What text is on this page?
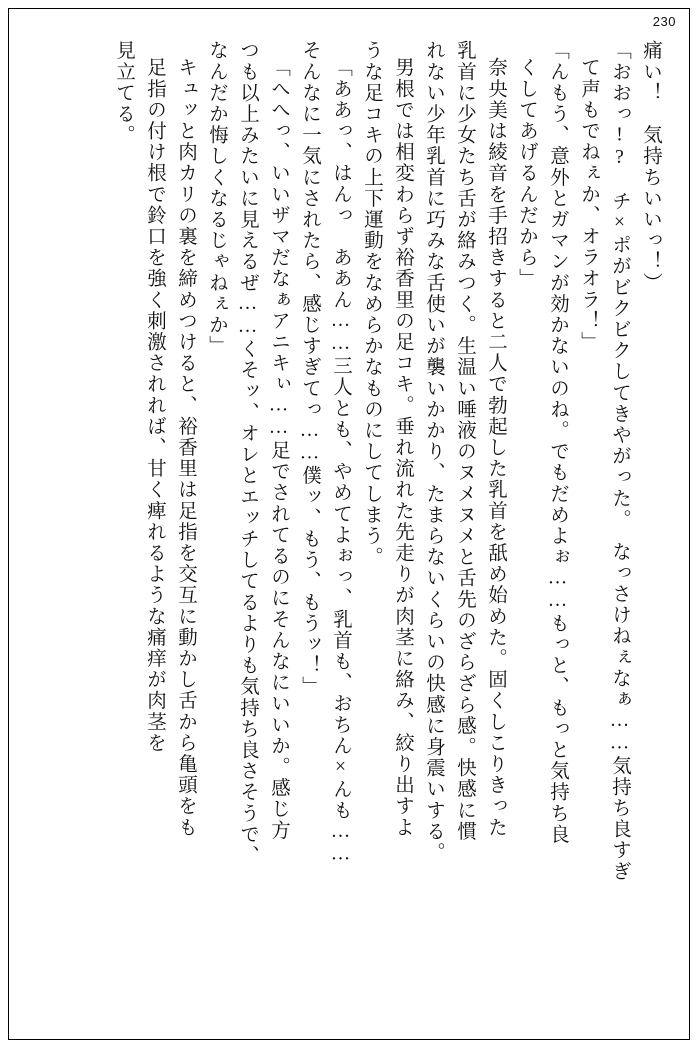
230
痛い！　気持ちいいっ！）
「おおっ!?　チ×ポがビクビクしてきやがった。　なっさけねぇなぁ……気持ち良すぎ
て声もでねぇか、オラオラ！」
「んもう、意外とガマンが効かないのね。でもだめよぉ……もっと、もっと気持ち良
くしてあげるんだから」
奈央美は綾音を手招きすると二人で勃起した乳首を舐め始めた。固くしこりきった
乳首に少女たち舌が絡みつく。生温い唾液のヌメヌメと舌先のざらざら感。快感に慣
れない少年乳首に巧みな舌使いが襲いかかり、たまらないくらいの快感に身震いする。
男根では相変わらず裕香里の足コキ。垂れ流れた先走りが肉茎に絡み、絞り出すよ
うな足コキの上下運動をなめらかなものにしてしまう。
「ああっ、はんっ　ああん……三人とも、やめてよぉっ、乳首も、おちん×んも……
そんなに一気にされたら、感じすぎてっ……僕ッ、もう、もうッ！」
「へへっ、いいザマだなぁアニキぃ……足でされてるのにそんなにいいか。感じ方
つも以上みたいに見えるぜ……くそッ、オレとエッチしてるよりも気持ち良さそうで、
なんだか悔しくなるじゃねぇか」
キュッと肉カリの裏を締めつけると、裕香里は足指を交互に動かし舌から亀頭をも
足指の付け根で鈴口を強く刺激されれば、甘く痺れるような痛痒が肉茎を
見立てる。
